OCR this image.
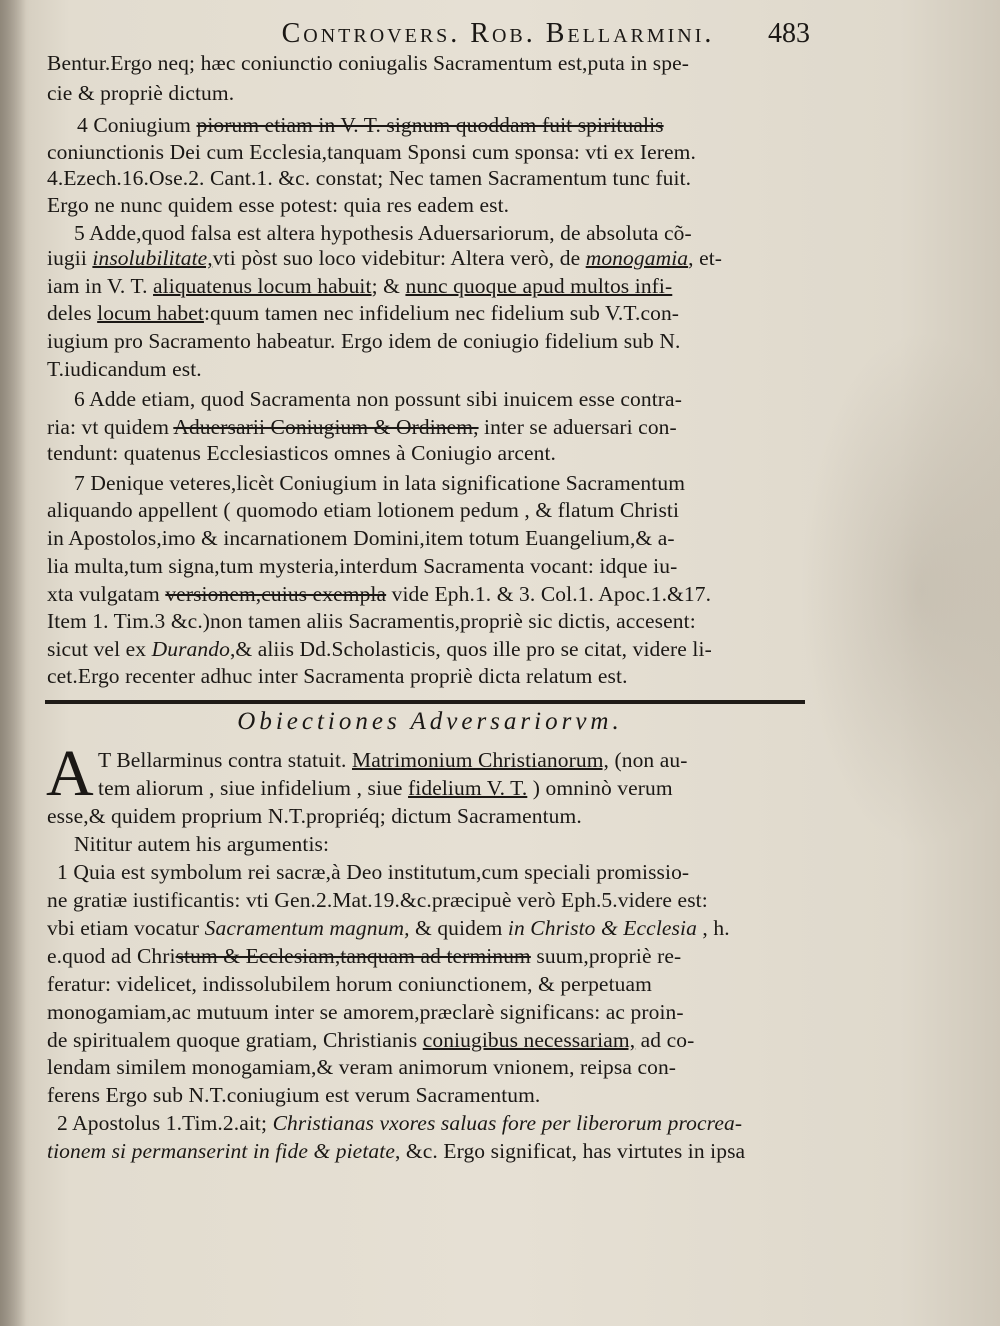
Controvers. Rob. Bellarmini.	483
Bentur.Ergo neq; hæc coniunctio coniugalis Sacramentum est,puta in spe-
cie & propriè dictum.
4 Coniugium piorum etiam in V. T. signum quoddam fuit spiritualis
coniunctionis Dei cum Ecclesia,tanquam Sponsi cum sponsa: vti ex Ierem.
4.Ezech.16.Ose.2. Cant.1. &c. constat; Nec tamen Sacramentum tunc fuit.
Ergo ne nunc quidem esse potest: quia res eadem est.
5 Adde,quod falsa est altera hypothesis Aduersariorum, de absoluta cõ-
iugii insolubilitate,vti pòst suo loco videbitur: Altera verò, de monogamia, et-
iam in V. T. aliquatenus locum habuit; & nunc quoque apud multos infi-
deles locum habet:quum tamen nec infidelium nec fidelium sub V.T.con-
iugium pro Sacramento habeatur. Ergo idem de coniugio fidelium sub N.
T.iudicandum est.
6 Adde etiam, quod Sacramenta non possunt sibi inuicem esse contra-
ria: vt quidem Aduersarii Coniugium & Ordinem, inter se aduersari con-
tendunt: quatenus Ecclesiasticos omnes à Coniugio arcent.
7 Denique veteres,licèt Coniugium in lata significatione Sacramentum
aliquando appellent ( quomodo etiam lotionem pedum , & flatum Christi
in Apostolos,imo & incarnationem Domini,item totum Euangelium,& a-
lia multa,tum signa,tum mysteria,interdum Sacramenta vocant: idque iu-
xta vulgatam versionem,cuius exempla vide Eph.1. & 3. Col.1. Apoc.1.&17.
Item 1. Tim.3 &c.)non tamen aliis Sacramentis,propriè sic dictis, accesent:
sicut vel ex Durando,& aliis Dd.Scholasticis, quos ille pro se citat, videre li-
cet.Ergo recenter adhuc inter Sacramenta propriè dicta relatum est.
Obiectiones Adversariorvm.
A T Bellarminus contra statuit. Matrimonium Christianorum, (non au-
tem aliorum , siue infidelium , siue fidelium V. T. ) omninò verum
esse,& quidem proprium N.T.propriéq; dictum Sacramentum.
Nititur autem his argumentis:
1 Quia est symbolum rei sacræ,à Deo institutum,cum speciali promissio-
ne gratiæ iustificantis: vti Gen.2.Mat.19.&c.præcipuè verò Eph.5.videre est:
vbi etiam vocatur Sacramentum magnum, & quidem in Christo & Ecclesia , h.
e.quod ad Christum & Ecclesiam,tanquam ad terminum suum,propriè re-
feratur: videlicet, indissolubilem horum coniunctionem, & perpetuam
monogamiam,ac mutuum inter se amorem,præclarè significans: ac proin-
de spiritualem quoque gratiam, Christianis coniugibus necessariam, ad co-
lendam similem monogamiam,& veram animorum vnionem, reipsa con-
ferens Ergo sub N.T.coniugium est verum Sacramentum.
2 Apostolus 1.Tim.2.ait; Christianas vxores saluas fore per liberorum procrea-
tionem si permanserint in fide & pietate, &c. Ergo significat, has virtutes in ipsa
